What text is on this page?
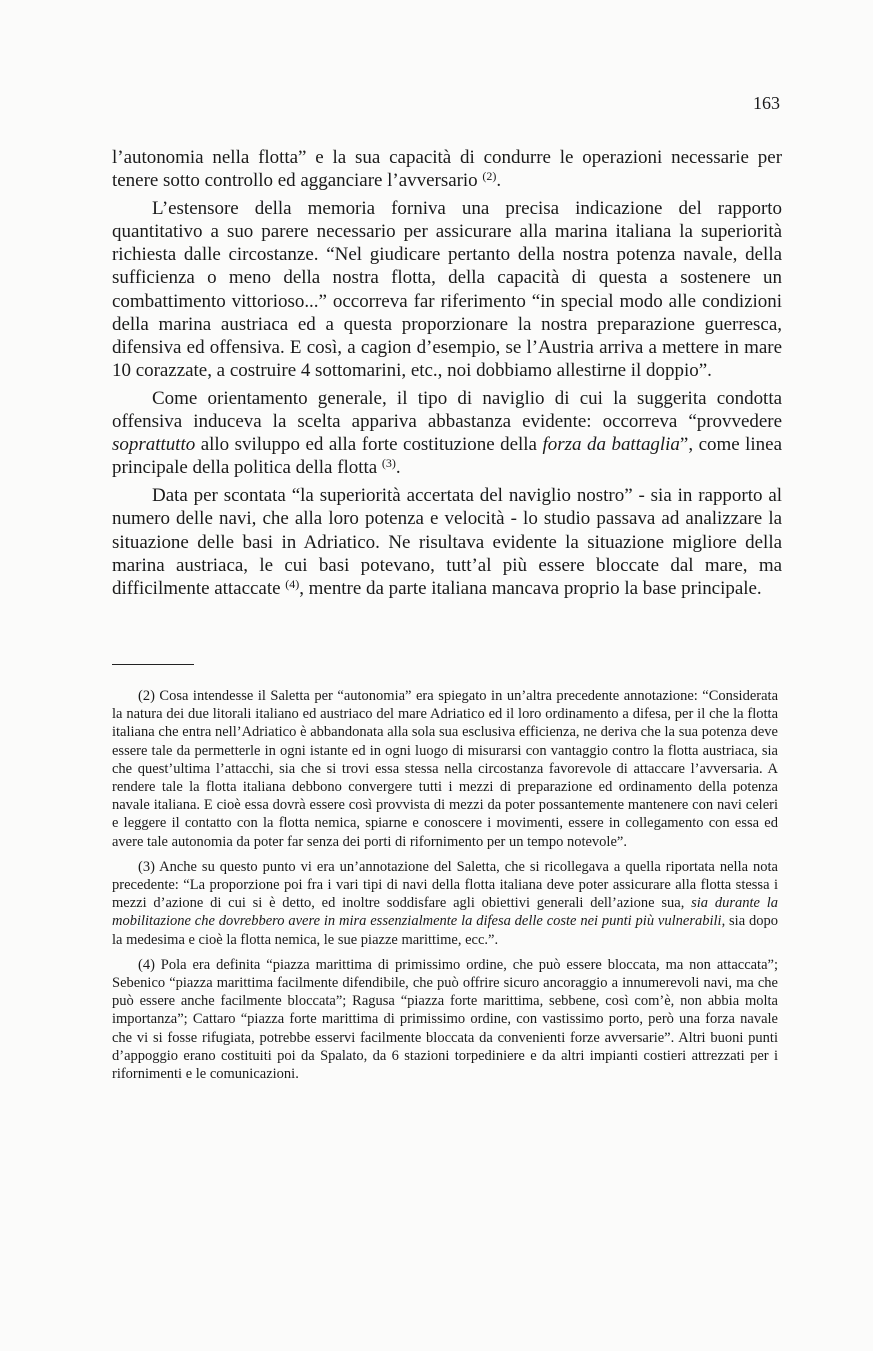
163

l’autonomia nella flotta” e la sua capacità di condurre le operazioni necessarie per tenere sotto controllo ed agganciare l’avversario $^{(2)}$.

L’estensore della memoria forniva una precisa indicazione del rapporto quantitativo a suo parere necessario per assicurare alla marina italiana la superiorità richiesta dalle circostanze. “Nel giudicare pertanto della nostra potenza navale, della sufficienza o meno della nostra flotta, della capacità di questa a sostenere un combattimento vittorioso...” occorreva far riferimento “in special modo alle condizioni della marina austriaca ed a questa proporzionare la nostra preparazione guerresca, difensiva ed offensiva. E così, a cagion d’esempio, se l’Austria arriva a mettere in mare 10 corazzate, a costruire 4 sottomarini, etc., noi dobbiamo allestirne il doppio”.

Come orientamento generale, il tipo di naviglio di cui la suggerita condotta offensiva induceva la scelta appariva abbastanza evidente: occorreva “provvedere soprattutto allo sviluppo ed alla forte costituzione della forza da battaglia”, come linea principale della politica della flotta $^{(3)}$.

Data per scontata “la superiorità accertata del naviglio nostro” - sia in rapporto al numero delle navi, che alla loro potenza e velocità - lo studio passava ad analizzare la situazione delle basi in Adriatico. Ne risultava evidente la situazione migliore della marina austriaca, le cui basi potevano, tutt’al più essere bloccate dal mare, ma difficilmente attaccate $^{(4)}$, mentre da parte italiana mancava proprio la base principale.

(2) Cosa intendesse il Saletta per “autonomia” era spiegato in un’altra precedente annotazione: “Considerata la natura dei due litorali italiano ed austriaco del mare Adriatico ed il loro ordinamento a difesa, per il che la flotta italiana che entra nell’Adriatico è abbandonata alla sola sua esclusiva efficienza, ne deriva che la sua potenza deve essere tale da permetterle in ogni istante ed in ogni luogo di misurarsi con vantaggio contro la flotta austriaca, sia che quest’ultima l’attacchi, sia che si trovi essa stessa nella circostanza favorevole di attaccare l’avversaria. A rendere tale la flotta italiana debbono convergere tutti i mezzi di preparazione ed ordinamento della potenza navale italiana. E cioè essa dovrà essere così provvista di mezzi da poter possantemente mantenere con navi celeri e leggere il contatto con la flotta nemica, spiarne e conoscere i movimenti, essere in collegamento con essa ed avere tale autonomia da poter far senza dei porti di rifornimento per un tempo notevole”.

(3) Anche su questo punto vi era un’annotazione del Saletta, che si ricollegava a quella riportata nella nota precedente: “La proporzione poi fra i vari tipi di navi della flotta italiana deve poter assicurare alla flotta stessa i mezzi d’azione di cui si è detto, ed inoltre soddisfare agli obiettivi generali dell’azione sua, sia durante la mobilitazione che dovrebbero avere in mira essenzialmente la difesa delle coste nei punti più vulnerabili, sia dopo la medesima e cioè la flotta nemica, le sue piazze marittime, ecc.”.

(4) Pola era definita “piazza marittima di primissimo ordine, che può essere bloccata, ma non attaccata”; Sebenico “piazza marittima facilmente difendibile, che può offrire sicuro ancoraggio a innumerevoli navi, ma che può essere anche facilmente bloccata”; Ragusa “piazza forte marittima, sebbene, così com’è, non abbia molta importanza”; Cattaro “piazza forte marittima di primissimo ordine, con vastissimo porto, però una forza navale che vi si fosse rifugiata, potrebbe esservi facilmente bloccata da convenienti forze avversarie”. Altri buoni punti d’appoggio erano costituiti poi da Spalato, da 6 stazioni torpediniere e da altri impianti costieri attrezzati per i rifornimenti e le comunicazioni.
